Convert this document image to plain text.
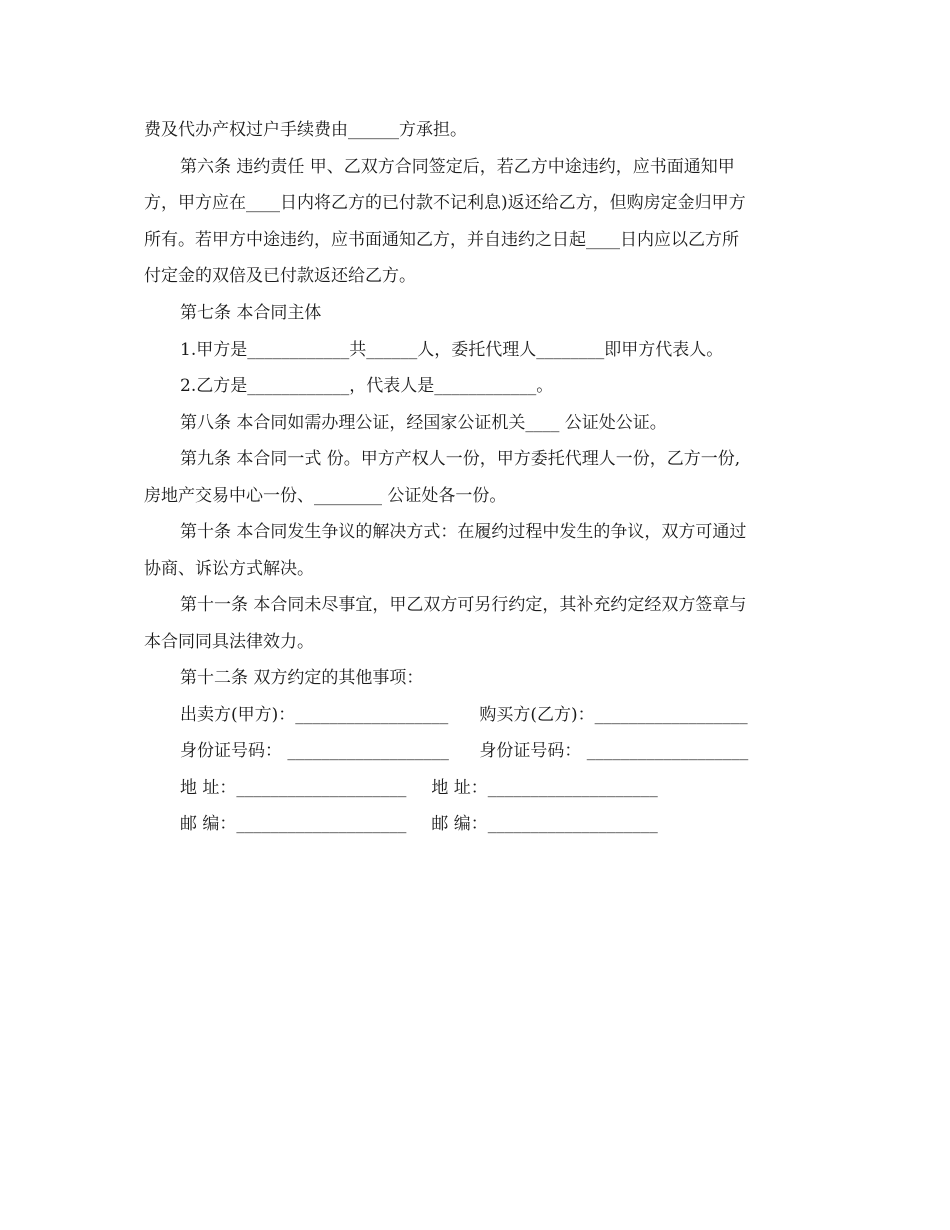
费及代办产权过户手续费由______方承担。
第六条 违约责任 甲、乙双方合同签定后，若乙方中途违约，应书面通知甲
方，甲方应在____日内将乙方的已付款不记利息)返还给乙方，但购房定金归甲方
所有。若甲方中途违约，应书面通知乙方，并自违约之日起____日内应以乙方所
付定金的双倍及已付款返还给乙方。
第七条 本合同主体
1.甲方是____________共______人，委托代理人________即甲方代表人。
2.乙方是____________，代表人是____________。
第八条 本合同如需办理公证，经国家公证机关____ 公证处公证。
第九条 本合同一式 份。甲方产权人一份，甲方委托代理人一份，乙方一份,
房地产交易中心一份、________ 公证处各一份。
第十条 本合同发生争议的解决方式：在履约过程中发生的争议，双方可通过
协商、诉讼方式解决。
第十一条 本合同未尽事宜，甲乙双方可另行约定，其补充约定经双方签章与
本合同同具法律效力。
第十二条 双方约定的其他事项：
出卖方(甲方)：__________________ 购买方(乙方)：__________________
身份证号码： ___________________ 身份证号码： ___________________
地 址：____________________ 地 址：____________________
邮 编：____________________ 邮 编：____________________
